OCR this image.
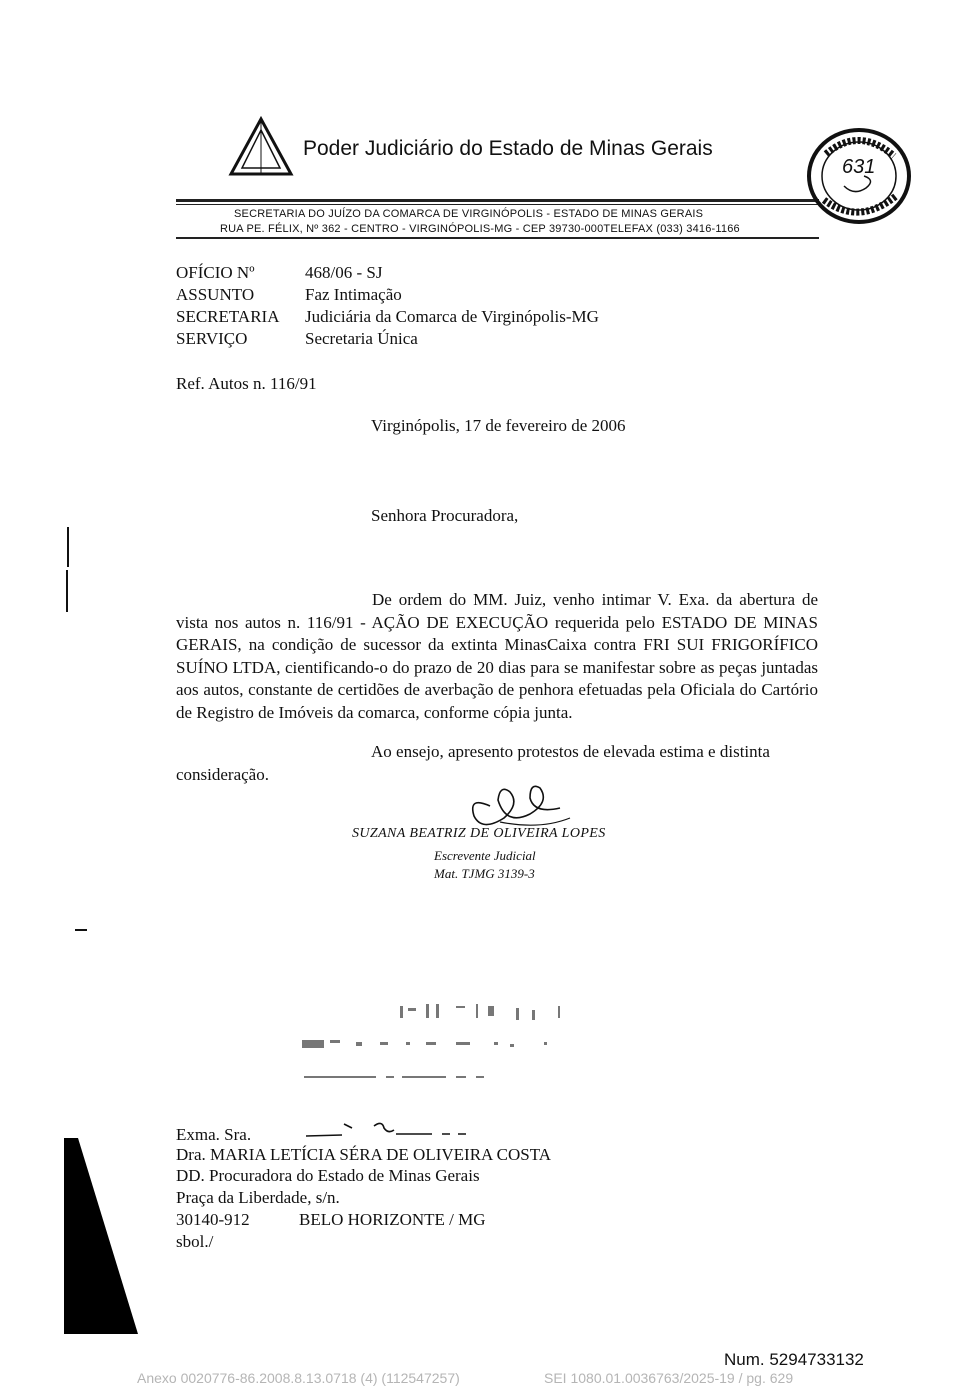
Poder Judiciário do Estado de Minas Gerais
SECRETARIA DO JUÍZO DA COMARCA DE VIRGINÓPOLIS - ESTADO DE MINAS GERAIS
RUA PE. FÉLIX, Nº 362 - CENTRO - VIRGINÓPOLIS-MG - CEP 39730-000TELEFAX (033) 3416-1166
631
OFÍCIO Nº	468/06 - SJ
ASSUNTO	Faz Intimação
SECRETARIA Judiciária da Comarca de Virginópolis-MG
SERVIÇO	Secretaria Única
Ref. Autos n. 116/91
Virginópolis, 17 de fevereiro de 2006
Senhora Procuradora,
De ordem do MM. Juiz, venho intimar V. Exa. da abertura de vista nos autos n. 116/91 - AÇÃO DE EXECUÇÃO requerida pelo ESTADO DE MINAS GERAIS, na condição de sucessor da extinta MinasCaixa contra FRI SUI FRIGORÍFICO SUÍNO LTDA, cientificando-o do prazo de 20 dias para se manifestar sobre as peças juntadas aos autos, constante de certidões de averbação de penhora efetuadas pela Oficiala do Cartório de Registro de Imóveis da comarca, conforme cópia junta.
Ao ensejo, apresento protestos de elevada estima e distinta
consideração.
SUZANA BEATRIZ DE OLIVEIRA LOPES
Escrevente Judicial
Mat. TJMG 3139-3
Exma. Sra.
Dra. MARIA LETÍCIA SÉRA DE OLIVEIRA COSTA
DD. Procuradora do Estado de Minas Gerais
Praça da Liberdade, s/n.
30140-912	BELO HORIZONTE / MG
sbol./
Num. 5294733132
Anexo 0020776-86.2008.8.13.0718 (4) (112547257)	SEI 1080.01.0036763/2025-19 / pg. 629
